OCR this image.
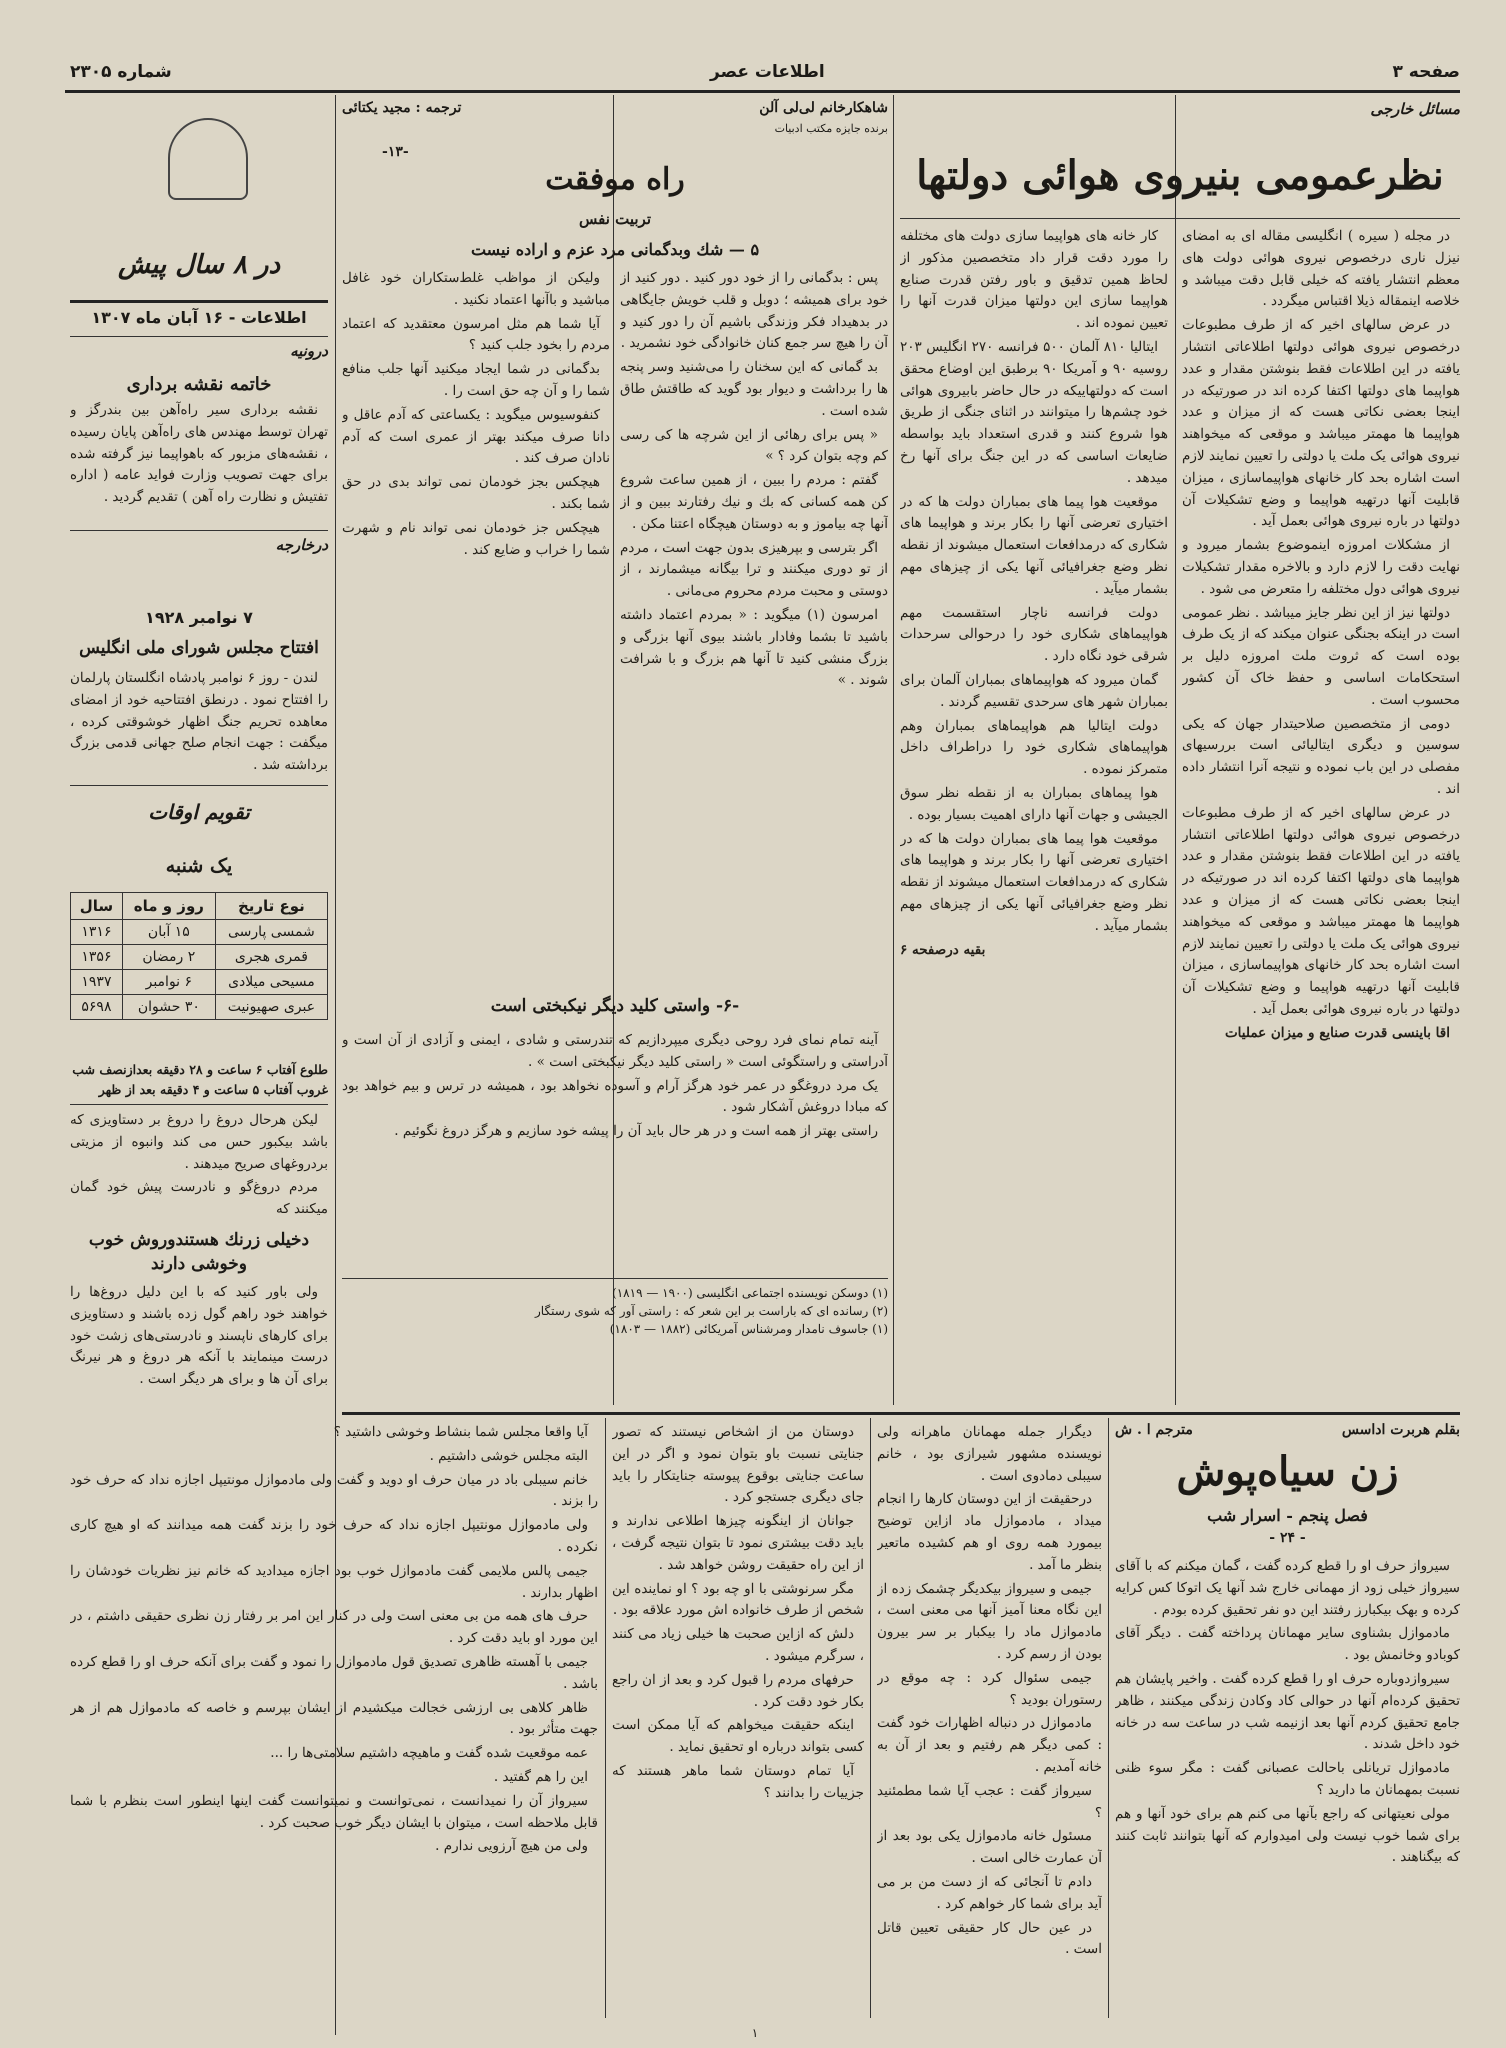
صفحه ۳
اطلاعات عصر
شماره ۲۳۰۵
مسائل خارجی
نظرعمومی بنیروی هوائی دولتها

در مجله ( سیره ) انگلیسی مقاله ای به امضای نیزل ناری درخصوص نیروی هوائی دولت های معظم انتشار یافته که خیلی قابل دقت میباشد و خلاصه اینمقاله ذیلا اقتباس میگردد .

در عرض سالهای اخیر که از طرف مطبوعات درخصوص نیروی هوائی دولتها اطلاعاتی انتشار یافته در این اطلاعات فقط بنوشتن مقدار و عدد هواپیما های دولتها اکتفا کرده اند در صورتیکه در اینجا بعضی نکاتی هست که از میزان و عدد هواپیما ها مهمتر میباشد و موقعی که میخواهند نیروی هوائی یک ملت یا دولتی را تعیین نمایند لازم است اشاره بحد کار خانهای هواپیماسازی ، میزان قابلیت آنها درتهیه هواپیما و وضع تشکیلات آن دولتها در باره نیروی هوائی بعمل آید .

از مشکلات امروزه اینموضوع بشمار میرود و نهایت دقت را لازم دارد و بالاخره مقدار تشکیلات نیروی هوائی دول مختلفه را متعرض می شود .

دولتها نیز از این نظر جایز میباشد . نظر عمومی است در اینکه بجنگی عنوان میکند که از یک طرف بوده است که ثروت ملت امروزه دلیل بر استحکامات اساسی و حفظ خاک آن کشور محسوب است .

دومی از متخصصین صلاحیتدار جهان که یکی سوسین و دیگری ایتالیائی است بررسیهای مفصلی در این باب نموده و نتیجه آنرا انتشار داده اند .

در عرض سالهای اخیر که از طرف مطبوعات درخصوص نیروی هوائی دولتها اطلاعاتی انتشار یافته در این اطلاعات فقط بنوشتن مقدار و عدد هواپیما های دولتها اکتفا کرده اند در صورتیکه در اینجا بعضی نکاتی هست که از میزان و عدد هواپیما ها مهمتر میباشد و موقعی که میخواهند نیروی هوائی یک ملت یا دولتی را تعیین نمایند لازم است اشاره بحد کار خانهای هواپیماسازی ، میزان قابلیت آنها درتهیه هواپیما و وضع تشکیلات آن دولتها در باره نیروی هوائی بعمل آید .

اقا باینسی قدرت صنایع و میزان عملیات

کار خانه های هواپیما سازی دولت های مختلفه را مورد دقت قرار داد متخصصین مذکور از لحاظ همین تدقیق و باور رفتن قدرت صنایع هواپیما سازی این دولتها میزان قدرت آنها را تعیین نموده اند .

ایتالیا ۸۱۰ آلمان ۵۰۰ فرانسه ۲۷۰ انگلیس ۲۰۳ روسیه ۹۰ و آمریکا ۹۰ برطبق این اوضاع محقق است که دولتهاییکه در حال حاضر بابیروی هوائی خود چشم‌ها را میتوانند در اثنای جنگی از طریق هوا شروع کنند و قدری استعداد باید بواسطه ضایعات اساسی که در این جنگ برای آنها رخ میدهد .

موقعیت هوا پیما های بمباران دولت ها که در اختیاری تعرضی آنها را بکار برند و هواپیما های شکاری که درمدافعات استعمال میشوند از نقطه نظر وضع جغرافیائی آنها یکی از چیزهای مهم بشمار میآید .

دولت فرانسه ناچار استقسمت مهم هواپیماهای شکاری خود را درحوالی سرحدات شرقی خود نگاه دارد .

گمان میرود که هواپیماهای بمباران آلمان برای بمباران شهر های سرحدی تقسیم گردند .

دولت ایتالیا هم هواپیماهای بمباران وهم هواپیماهای شکاری خود را دراطراف داخل متمرکز نموده .

هوا پیماهای بمباران به از نقطه نظر سوق الجیشی و جهات آنها دارای اهمیت بسیار بوده .

موقعیت هوا پیما های بمباران دولت ها که در اختیاری تعرضی آنها را بکار برند و هواپیما های شکاری که درمدافعات استعمال میشوند از نقطه نظر وضع جغرافیائی آنها یکی از چیزهای مهم بشمار میآید .

بقیه درصفحه ۶

شاهکارخانم لی‌لی آلن
برنده جایزه مکتب ادبیات
ترجمه : مجید یکتائی
-۱۳-
راه موفقت
تربیت نفس
۵ — شك وبدگمانی مرد عزم و اراده نیست

پس : بدگمانی را از خود دور کنید . دور کنید از خود برای همیشه ؛ دوبل و قلب خویش جایگاهی در بدهیداد فکر وزندگی باشیم آن را دور کنید و آن را هیچ سر جمع کنان خانوادگی خود نشمرید .

بد گمانی که این سخنان را می‌شنید وسر پنجه ها را برداشت و دیوار بود گوید که طاقتش طاق شده است .

« پس برای رهائی از این شرچه ها کی رسی کم وچه بتوان کرد ؟ »

گفتم : مردم را ببین ، از همین ساعت شروع کن همه کسانی که بك و نیك رفتارند ببین و از آنها چه بیاموز و به دوستان هیچگاه اعتنا مکن .

اگر بترسی و بپرهیزی بدون جهت است ، مردم از تو دوری میکنند و ترا بیگانه میشمارند ، از دوستی و محبت مردم محروم می‌مانی .

امرسون (۱) میگوید : « بمردم اعتماد داشته باشید تا بشما وفادار باشند بیوی آنها بزرگی و بزرگ منشی کنید تا آنها هم بزرگ و با شرافت شوند . »

ولیکن از مواظب غلط‌ستکاران خود غافل مباشید و باآنها اعتماد نکنید .

آیا شما هم مثل امرسون معتقدید که اعتماد مردم را بخود جلب کنید ؟

بدگمانی در شما ایجاد میکنید آنها جلب منافع شما را و آن چه حق است را .

کنفوسیوس میگوید : یکساعتی که آدم عاقل و دانا صرف میکند بهتر از عمری است که آدم نادان صرف کند .

هیچکس بجز خودمان نمی تواند بدی در حق شما بکند .

هیچکس جز خودمان نمی تواند نام و شهرت شما را خراب و ضایع کند .

-۶- واستی کلید دیگر نیکبختی است

آینه تمام نمای فرد روحی دیگری میپردازیم که تندرستی و شادی ، ایمنی و آزادی از آن است و آدراستی و راستگوئی است « راستی کلید دیگر نیکبختی است » .

یک مرد دروغگو در عمر خود هرگز آرام و آسوده نخواهد بود ، همیشه در ترس و بیم خواهد بود که مبادا دروغش آشکار شود .

راستی بهتر از همه است و در هر حال باید آن را پیشه خود سازیم و هرگز دروغ نگوئیم .

(۱) دوسکن نویسنده اجتماعی انگلیسی (۱۹۰۰ — ۱۸۱۹)
(۲) رسانده ای که باراست بر این شعر که : راستی آور که شوی رستگار
(۱) جاسوف نامدار ومرشناس آمریکائی (۱۸۸۲ — ۱۸۰۳)
در ۸ سال پیش
اطلاعات - ۱۶ آبان ماه ۱۳۰۷
درونیه
خاتمه نقشه برداری

نقشه برداری سیر راه‌آهن بین بندرگز و تهران توسط مهندس های راه‌آهن پایان رسیده ، نقشه‌های مزبور که باهواپیما نیز گرفته شده برای جهت تصویب وزارت فواید عامه ( اداره تفتیش و نظارت راه آهن ) تقدیم گردید .

درخارجه
۷ نوامبر ۱۹۲۸
افتتاح مجلس شورای ملی انگلیس

لندن - روز ۶ نوامبر پادشاه انگلستان پارلمان را افتتاح نمود . درنطق افتتاحیه خود از امضای معاهده تحریم جنگ اظهار خوشوقتی کرده ، میگفت : جهت انجام صلح جهانی قدمی بزرگ برداشته شد .

تقویم اوقات
یک شنبه
نوع تاریخ	روز و ماه	سال
شمسی پارسی	۱۵ آبان	۱۳۱۶
قمری هجری	۲ رمضان	۱۳۵۶
مسیحی میلادی	۶ نوامبر	۱۹۳۷
عبری صهیونیت	۳۰ حشوان	۵۶۹۸
طلوع آفتاب ۶ ساعت و ۲۸ دقیقه بعدازنصف شب
غروب آفتاب ۵ ساعت و ۴ دقیقه بعد از ظهر

لیکن هرحال دروغ را دروغ بر دستاویزی که باشد بیکبور حس می کند وانبوه از مزیتی بردروغهای صریح میدهند .

مردم دروغ‌گو و نادرست پیش خود گمان میکنند که

دخیلی زرنك هستندوروش خوب وخوشی دارند

ولی باور کنید که با این دلیل دروغ‌ها را خواهند خود راهم گول زده باشند و دستاویزی برای کارهای ناپسند و نادرستی‌های زشت خود درست مینمایند با آنکه هر دروغ و هر نیرنگ برای آن ها و برای هر دیگر است .

بقلم هربرت اداسس
مترجم ا . ش
زن سیاه‌پوش
فصل پنجم - اسرار شب
- ۲۴ -

سیرواز حرف او را قطع کرده گفت ، گمان میکنم که با آقای سیرواز خیلی زود از مهمانی خارج شد آنها یک اتوکا کس کرایه کرده و بهک بیکبارز رفتند این دو نفر تحقیق کرده بودم .

مادموازل بشناوی سایر مهمانان پرداخته گفت . دیگر آقای کوبادو وخانمش بود .

سیروازدوباره حرف او را قطع کرده گفت . واخیر پایشان هم تحقیق کرده‌ام آنها در حوالی کاد وکادن زندگی میکنند ، ظاهر جامع تحقیق کردم آنها بعد ازنیمه شب در ساعت سه در خانه خود داخل شدند .

مادموازل تریانلی باحالت عصبانی گفت : مگر سوء ظنی نسبت بمهمانان ما دارید ؟

مولی نعیتهانی که راجع بآنها می کنم هم برای خود آنها و هم برای شما خوب نیست ولی امیدوارم که آنها بتوانند ثابت کنند که بیگناهند .

دیگرار جمله مهمانان ماهرانه ولی نویسنده مشهور شیرازی بود ، خانم سیبلی دمادوی است .

درحقیقت از این دوستان کارها را انجام میداد ، مادموازل ماد ازاین توضیح بیمورد همه روی او هم کشیده ماتعیر بنظر ما آمد .

جیمی و سیرواز بیکدیگر چشمک زده از این نگاه معنا آمیز آنها می معنی است ، مادموازل ماد را بیکبار بر سر بیرون بودن از رسم کرد .

جیمی سئوال کرد : چه موقع در رستوران بودید ؟

مادموازل در دنباله اظهارات خود گفت : کمی دیگر هم رفتیم و بعد از آن به خانه آمدیم .

سیرواز گفت : عجب آیا شما مطمئنید ؟

مسئول خانه مادموازل یکی بود بعد از آن عمارت خالی است .

دادم تا آنجائی که از دست من بر می آید برای شما کار خواهم کرد .

در عین حال کار حقیقی تعیین قاتل است .

دوستان من از اشخاص نیستند که تصور جنایتی نسبت باو بتوان نمود و اگر در این ساعت جنایتی بوقوع پیوسته جنایتکار را باید جای دیگری جستجو کرد .

جوانان از اینگونه چیزها اطلاعی ندارند و باید دقت بیشتری نمود تا بتوان نتیجه گرفت ، از این راه حقیقت روشن خواهد شد .

مگر سرنوشتی با او چه بود ؟ او نماینده این شخص از طرف خانواده اش مورد علاقه بود .

دلش که ازاین صحبت ها خیلی زیاد می کنند ، سرگرم میشود .

حرفهای مردم را قبول کرد و بعد از ان راجع بکار خود دقت کرد .

اینکه حقیقت میخواهم که آیا ممکن است کسی بتواند درباره او تحقیق نماید .

آیا تمام دوستان شما ماهر هستند که جزییات را بدانند ؟

آیا واقعا مجلس شما بنشاط وخوشی داشتید ؟

البته مجلس خوشی داشتیم .

خانم سیبلی باد در میان حرف او دوید و گفت ولی مادموازل مونتیپل اجازه نداد که حرف خود را بزند .

ولی مادموازل مونتیپل اجازه نداد که حرف خود را بزند گفت همه میدانند که او هیچ کاری نکرده .

جیمی پالس ملایمی گفت مادموازل خوب بود اجازه میدادید که خانم نیز نظریات خودشان را اظهار بدارند .

حرف های همه من بی معنی است ولی در کنار این امر بر رفتار زن نظری حقیقی داشتم ، در این مورد او باید دقت کرد .

جیمی با آهسته ظاهری تصدیق قول مادموازل را نمود و گفت برای آنکه حرف او را قطع کرده باشد .

ظاهر کلاهی بی ارزشی خجالت میکشیدم از ایشان بپرسم و خاصه که مادموازل هم از هر جهت متأثر بود .

عمه موقعیت شده گفت و ماهیچه داشتیم سلامتی‌ها را ...

این را هم گفتید .

سیرواز آن را نمیدانست ، نمی‌توانست و نمیتوانست گفت اینها اینطور است بنظرم با شما قابل ملاحظه است ، میتوان با ایشان دیگر خوب صحبت کرد .

ولی من هیچ آرزویی ندارم .

۱
